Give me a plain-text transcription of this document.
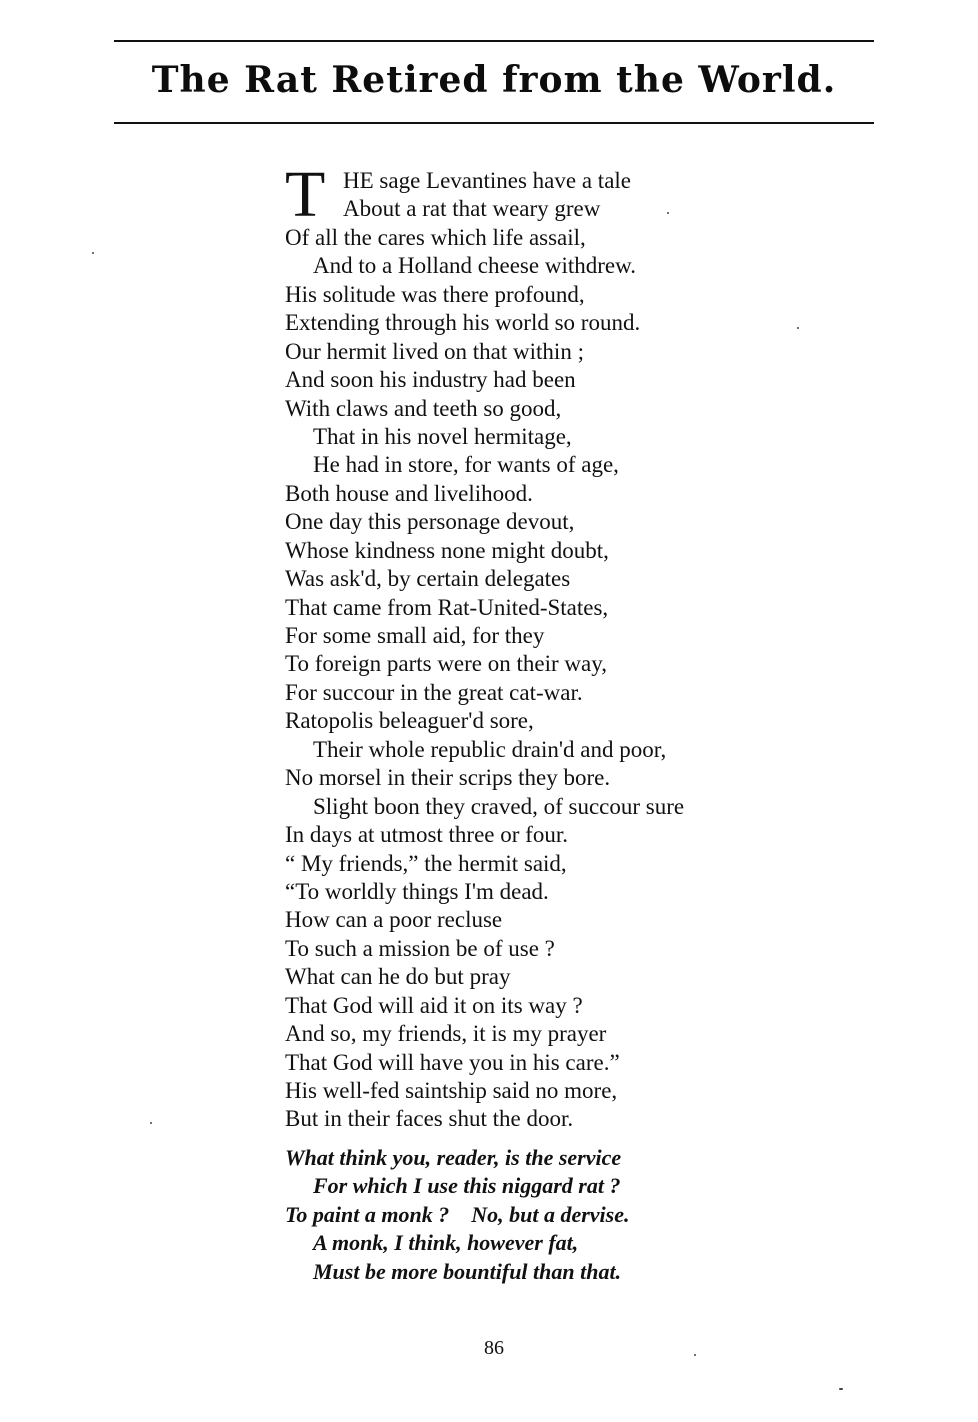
The Rat Retired from the World.
T HE sage Levantines have a tale
About a rat that weary grew
Of all the cares which life assail,
And to a Holland cheese withdrew.
His solitude was there profound,
Extending through his world so round.
Our hermit lived on that within ;
And soon his industry had been
With claws and teeth so good,
That in his novel hermitage,
He had in store, for wants of age,
Both house and livelihood.
One day this personage devout,
Whose kindness none might doubt,
Was ask'd, by certain delegates
That came from Rat-United-States,
For some small aid, for they
To foreign parts were on their way,
For succour in the great cat-war.
Ratopolis beleaguer'd sore,
Their whole republic drain'd and poor,
No morsel in their scrips they bore.
Slight boon they craved, of succour sure
In days at utmost three or four.
“ My friends,” the hermit said,
“To worldly things I'm dead.
How can a poor recluse
To such a mission be of use ?
What can he do but pray
That God will aid it on its way ?
And so, my friends, it is my prayer
That God will have you in his care.”
His well-fed saintship said no more,
But in their faces shut the door.
What think you, reader, is the service
For which I use this niggard rat ?
To paint a monk ?    No, but a dervise.
A monk, I think, however fat,
Must be more bountiful than that.
86
